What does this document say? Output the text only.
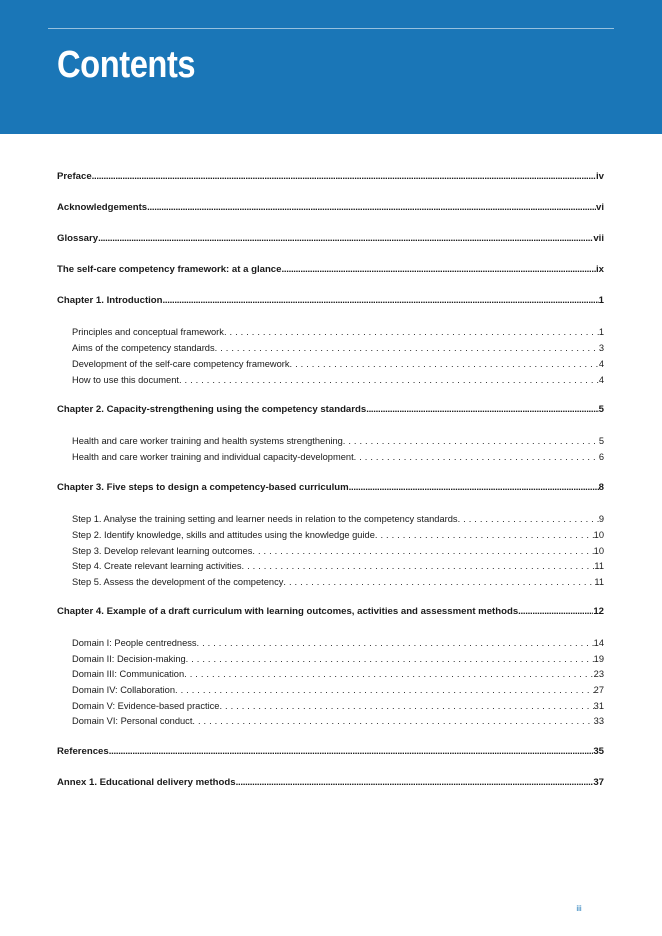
Contents
Preface .....	iv
Acknowledgements .....	vi
Glossary .....	vii
The self-care competency framework: at a glance .....	ix
Chapter 1. Introduction .....	1
Principles and conceptual framework . . .	1
Aims of the competency standards . . .	3
Development of the self-care competency framework . . .	4
How to use this document . . .	4
Chapter 2. Capacity-strengthening using the competency standards .....	5
Health and care worker training and health systems strengthening . . .	5
Health and care worker training and individual capacity-development . . .	6
Chapter 3. Five steps to design a competency-based curriculum .....	8
Step 1. Analyse the training setting and learner needs in relation to the competency standards . . .	9
Step 2. Identify knowledge, skills and attitudes using the knowledge guide . . .	10
Step 3. Develop relevant learning outcomes . . .	10
Step 4. Create relevant learning activities . . .	11
Step 5. Assess the development of the competency . . .	11
Chapter 4. Example of a draft curriculum with learning outcomes, activities and assessment methods .....	12
Domain I: People centredness . . .	14
Domain II: Decision-making . . .	19
Domain III: Communication . . .	23
Domain IV: Collaboration . . .	27
Domain V: Evidence-based practice . . .	31
Domain VI: Personal conduct . . .	33
References .....	35
Annex 1. Educational delivery methods .....	37
iii
